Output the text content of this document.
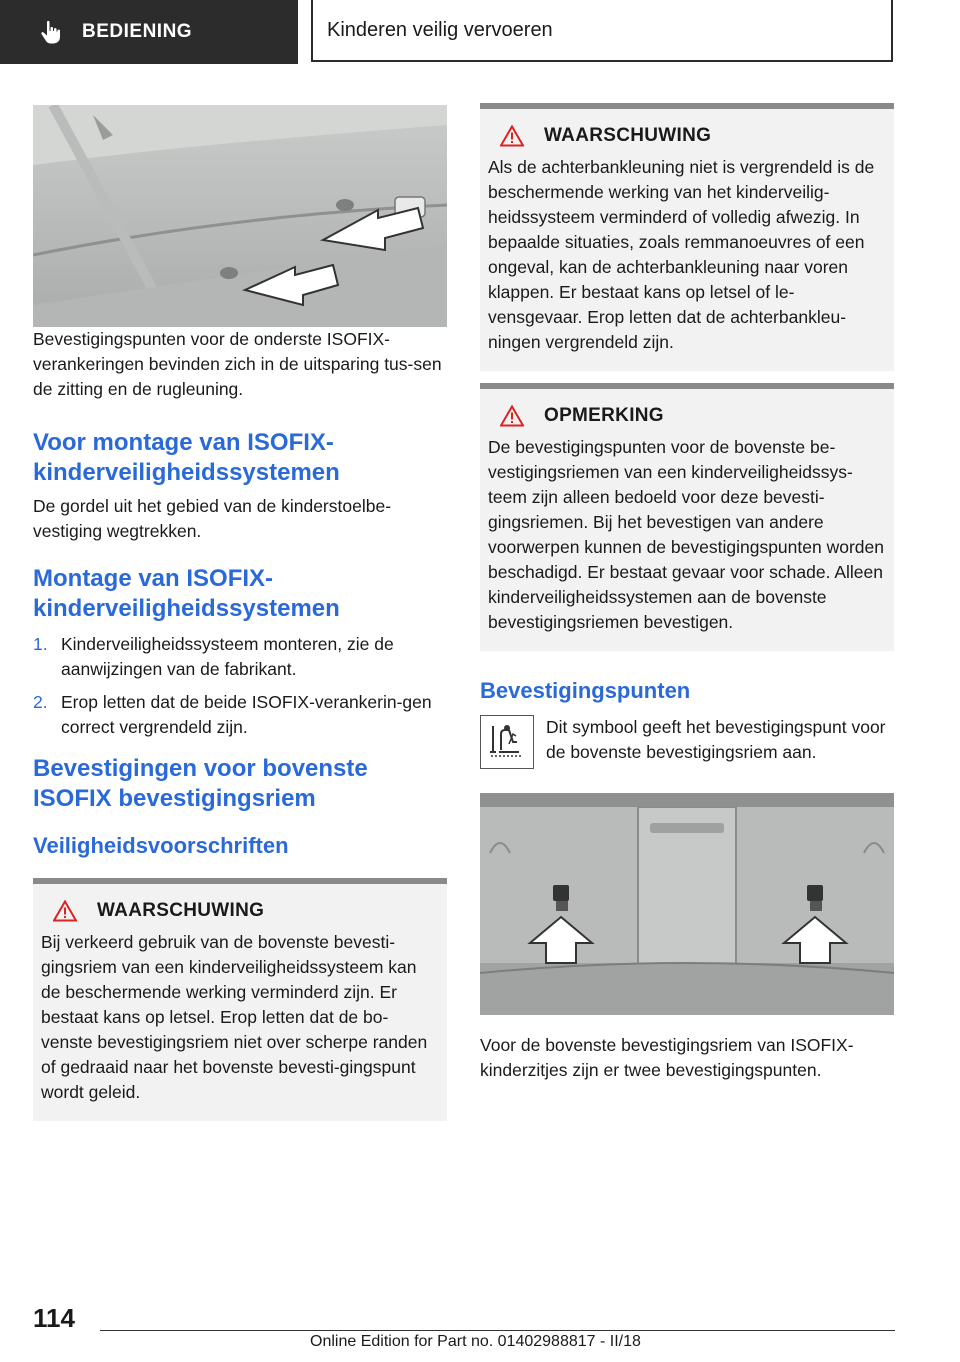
BEDIENING	Kinderen veilig vervoeren

Bevestigingspunten voor de onderste ISOFIX-verankeringen bevinden zich in de uitsparing tus-sen de zitting en de rugleuning.

Voor montage van ISOFIX-kinderveiligheidssystemen

De gordel uit het gebied van de kinderstoelbe-vestiging wegtrekken.

Montage van ISOFIX-kinderveiligheidssystemen
1. Kinderveiligheidssysteem monteren, zie de aanwijzingen van de fabrikant.
2. Erop letten dat de beide ISOFIX-verankerin-gen correct vergrendeld zijn.
Bevestigingen voor bovenste ISOFIX bevestigingsriem
Veiligheidsvoorschriften
WAARSCHUWING

Bij verkeerd gebruik van de bovenste bevesti-gingsriem van een kinderveiligheidssysteem kan de beschermende werking verminderd zijn. Er bestaat kans op letsel. Erop letten dat de bo-venste bevestigingsriem niet over scherpe randen of gedraaid naar het bovenste bevesti-gingspunt wordt geleid.

WAARSCHUWING

Als de achterbankleuning niet is vergrendeld is de beschermende werking van het kinderveilig-heidssysteem verminderd of volledig afwezig. In bepaalde situaties, zoals remmanoeuvres of een ongeval, kan de achterbankleuning naar voren klappen. Er bestaat kans op letsel of le-vensgevaar. Erop letten dat de achterbankleu-ningen vergrendeld zijn.

OPMERKING

De bevestigingspunten voor de bovenste be-vestigingsriemen van een kinderveiligheidssys-teem zijn alleen bedoeld voor deze bevesti-gingsriemen. Bij het bevestigen van andere voorwerpen kunnen de bevestigingspunten worden beschadigd. Er bestaat gevaar voor schade. Alleen kinderveiligheidssystemen aan de bovenste bevestigingsriemen bevestigen.

Bevestigingspunten

Dit symbool geeft het bevestigingspunt voor de bovenste bevestigingsriem aan.

Voor de bovenste bevestigingsriem van ISOFIX-kinderzitjes zijn er twee bevestigingspunten.

114
Online Edition for Part no. 01402988817 - II/18
